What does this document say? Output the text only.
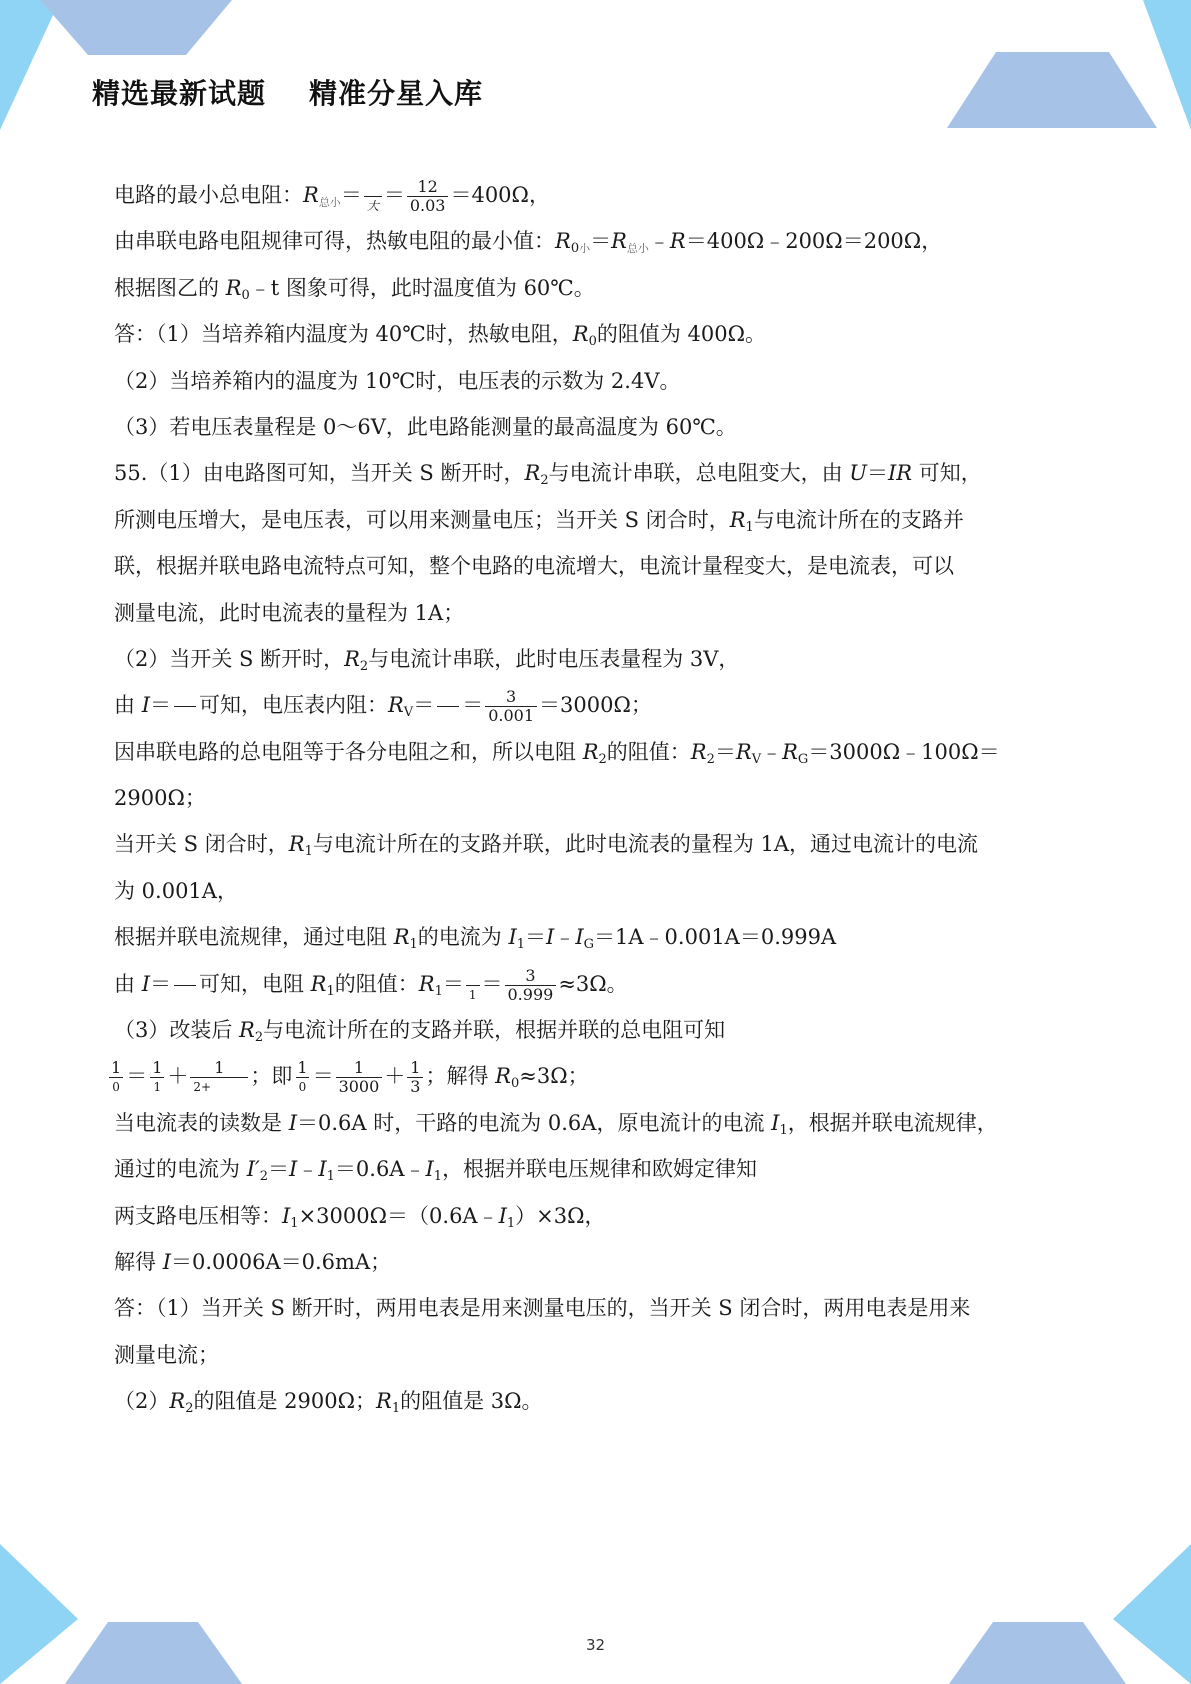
精选最新试题    精准分星入库
电路的最小总电阻：$R_{总小}=$
大 ＝ $\frac{12}{0.03} =400\Omega$，
由串联电路电阻规律可得，热敏电阻的最小值：$R_{0小}=R_{总小}﹣R=400\Omega﹣200\Omega=200\Omega$，
根据图乙的 $R_0﹣t$ 图象可得，此时温度值为 60℃。
答：（1）当培养箱内温度为 40℃时，热敏电阻，$R_0$的阻值为 400Ω。
（2）当培养箱内的温度为 10℃时，电压表的示数为 2.4V。
（3）若电压表量程是 0～6V，此电路能测量的最高温度为 60℃。
55.（1）由电路图可知，当开关 S 断开时，$R_2$与电流计串联，总电阻变大，由 U＝IR 可知，
所测电压增大，是电压表，可以用来测量电压；当开关 S 闭合时，$R_1$与电流计所在的支路并
联，根据并联电路电流特点可知，整个电路的电流增大，电流计量程变大，是电流表，可以
测量电流，此时电流表的量程为 1A；
（2）当开关 S 断开时，$R_2$与电流计串联，此时电压表量程为 3V，
由 I＝ 可知，电压表内阻：$R_V= = \frac{3}{0.001} =3000\Omega$；
因串联电路的总电阻等于各分电阻之和，所以电阻 $R_2$的阻值：$R_2=R_V﹣R_G=3000\Omega﹣100\Omega=$
2900Ω；
当开关 S 闭合时，$R_1$与电流计所在的支路并联，此时电流表的量程为 1A，通过电流计的电流
为 0.001A，
根据并联电流规律，通过电阻 $R_1$的电流为 $I_1=I﹣I_G=1A﹣0.001A=0.999A$
由 I＝ 可知，电阻 $R_1$的阻值：$R_1=$
$1 = \frac{3}{0.999} \approx 3\Omega$。
（3）改装后 $R_2$与电流计所在的支路并联，根据并联的总电阻可知
$\frac{1}{0} = \frac{1}{1} + \frac{1}{2+}$ ；即 $\frac{1}{0} = \frac{1}{3000} + \frac{1}{3}$ ；解得 $R_0\approx 3\Omega$；
当电流表的读数是 I＝0.6A 时，干路的电流为 0.6A，原电流计的电流 $I_1$，根据并联电流规律，
通过的电流为 $I'_2=I﹣I_1=0.6A﹣I_1$，根据并联电压规律和欧姆定律知
两支路电压相等：$I_1\times 3000\Omega=(0.6A﹣I_1)\times 3\Omega$，
解得 I＝0.0006A＝0.6mA；
答：（1）当开关 S 断开时，两用电表是用来测量电压的，当开关 S 闭合时，两用电表是用来
测量电流；
$(2)R_2$的阻值是 2900Ω；$R_1$的阻值是 3Ω。
32
